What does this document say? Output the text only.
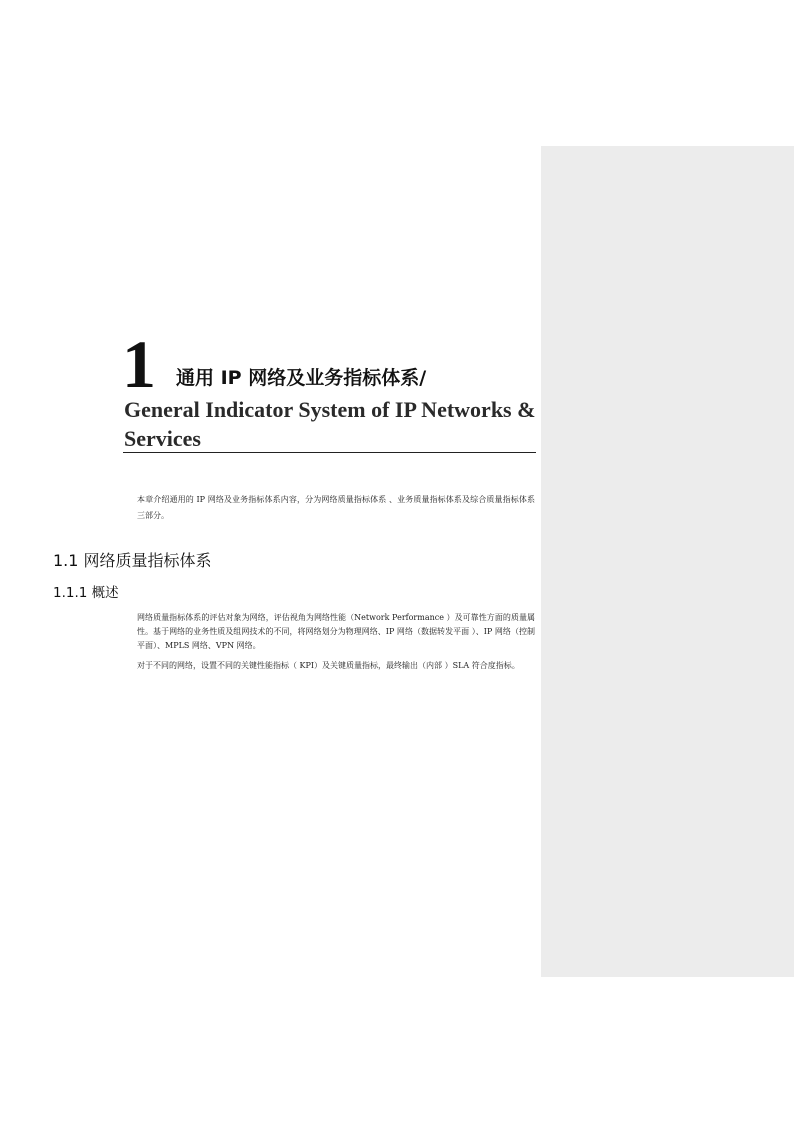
1 通用 IP 网络及业务指标体系/
General Indicator System of IP Networks & Services
本章介绍通用的 IP 网络及业务指标体系内容，分为网络质量指标体系 、业务质量指标体系及综合质量指标体系三部分。
1.1 网络质量指标体系
1.1.1 概述
网络质量指标体系的评估对象为网络，评估视角为网络性能（Network Performance ）及可靠性方面的质量属性。基于网络的业务性质及组网技术的不同，将网络划分为物理网络、IP 网络（数据转发平面 ）、IP 网络（控制平面）、MPLS 网络、VPN 网络。
对于不同的网络，设置不同的关键性能指标（ KPI）及关键质量指标，最终输出（内部 ）SLA 符合度指标。
